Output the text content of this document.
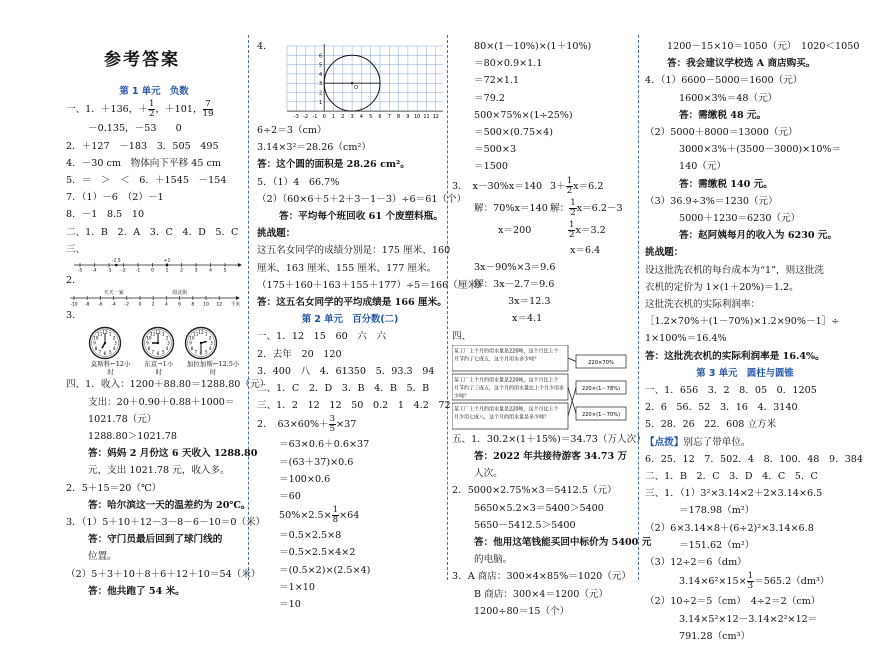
参考答案
第 1 单元　负数
一、1．＋136，＋ $\frac{1}{2}$ ，＋101， $\frac{7}{19}$
－0.135，－53　　0
2．＋127　－183　3．505　495
4．－30 cm　物体向下平移 45 cm
5．＝　＞　＜　6．＋1545　－154
7．（1）－6　（2）－1
8．－1　8.5　10
二、1．B　2．A　3．C　4．D　5．C
三、
-5 -4 -3 -2 -1 0	1	2	3	4	5
-2.5	+1
2．
-10 -8 -6 -4 -2 0 2 4 6 8 10 12
天天一家	周北街
千米
3．
1
2
3
4
5
6
7
8
9
10
11 12
莫斯科←12小时
1
2
3
4
5
6
7
8
9
10
11 12
东京→1小时
1
2
3
4
5
6
7
8
9
10
11 12
加拉加斯←12.5小时
四、1．收入：1200＋88.80＝1288.80（元）
支出：20＋0.90＋0.88＋1000＝
1021.78（元）
1288.80＞1021.78
答：妈妈 2 月份这 6 天收入 1288.80
元，支出 1021.78 元，收入多。
2．5＋15＝20（℃）
答：哈尔滨这一天的温差约为 20℃。
3．（1）5＋10＋12－3－8－6－10＝0（米）
答：守门员最后回到了球门线的
位置。
（2）5＋3＋10＋8＋6＋12＋10＝54（米）
答：他共跑了 54 米。
4．
-3 -2 -1 0 1 2 3 4 5 6 7 8 9 10 11 12
1
2
3
4
5
6
O
6÷2＝3（cm）
3.14×3²＝28.26（cm²）
答：这个圆的面积是 28.26 cm²。
5．（1）4　66.7%
（2）（60×6＋5＋2＋3－1－3）÷6＝61（个）
答：平均每个班回收 61 个废塑料瓶。
挑战题：
这五名女同学的成绩分别是：175 厘米、160
厘米、163 厘米、155 厘米、177 厘米。
（175＋160＋163＋155＋177）÷5＝166（厘米）
答：这五名女同学的平均成绩是 166 厘米。
第 2 单元　百分数(二)
一、1．12　15　60　六　六
2．去年　20　120
3．400　八　4．61350　5．93.3　94
二、1．C　2．D　3．B　4．B　5．B
三、1．2　12　12　50　0.2　1　4.2　72
2．　$63\times 60\%+ \frac{3}{5} \times 37$
＝63×0.6＋0.6×37
＝(63＋37)×0.6
＝100×0.6
＝60
$50\%\times 2.5\times \frac{1}{8} \times 64$
＝0.5×2.5×8
＝0.5×2.5×4×2
＝(0.5×2)×(2.5×4)
＝1×10
＝10
80×(1－10%)×(1＋10%)
＝80×0.9×1.1
＝72×1.1
＝79.2
500×75%×(1÷25%)
＝500×(0.75×4)
＝500×3
＝1500
3．　x－30%x＝140 $3+ \frac{1}{2} x=6.2$
解：70%x＝140 解： $\frac{1}{2} x=6.2-3$
x＝200	$\frac{1}{2} x=3.2$
x＝6.4
3x－90%×3＝9.6
解：3x－2.7＝9.6
3x＝12.3
x＝4.1
四、
某工厂上个月的用水量是220吨，这个月比上个
月节约了七成五，这个月用水多少吨？
某工厂上个月的用水量是220吨，这个月比上个
月节约了三成五，这个月的用水量比上个月少用多
少吨？
某工厂上个月的用水量是220吨，这个月比上个
月少用七成八，这个月的用水量是多少吨？
220×70%
220×(1－78%)
220×(1－70%)
五、1．30.2×(1＋15%)＝34.73（万人次）
答：2022 年共接待游客 34.73 万
人次。
2．5000×2.75%×3＝5412.5（元）
5650×5.2×3＝5400＞5400
5650－5412.5＞5400
答：他用这笔钱能买回中标价为 5400 元
的电脑。
3．A 商店：300×4×85%＝1020（元）
B 商店：300×4＝1200（元）
1200÷80＝15（个）
1200－15×10＝1050（元）　1020＜1050
答：我会建议学校选 A 商店购买。
4．（1）6600－5000＝1600（元）
1600×3%＝48（元）
答：需缴税 48 元。
（2）5000＋8000＝13000（元）
3000×3%＋(3500－3000)×10%＝
140（元）
答：需缴税 140 元。
（3）36.9÷3%＝1230（元）
5000＋1230＝6230（元）
答：赵阿姨每月的收入为 6230 元。
挑战题：
设这批洗衣机的每台成本为“1”，则这批洗
衣机的定价为 1×(1＋20%)＝1.2。
这批洗衣机的实际利润率：
［1.2×70%＋(1－70%)×1.2×90%－1］÷
1×100%＝16.4%
答：这批洗衣机的实际利润率是 16.4%。
第 3 单元　圆柱与圆锥
一、1．656　3．2　8．05　0．1205
2．6　56．52　3．16　4．3140
5．28．26　22．608 立方米
【点拨】别忘了带单位。
6．25．12　7．502．4　8．100．48　9．384
二、1．B　2．C　3．D　4．C　5．C
三、1．（1）3²×3.14×2＋2×3.14×6.5
＝178.98（m²）
（2）6×3.14×8＋(6÷2)²×3.14×6.8
＝151.62（m²）
（3）12÷2＝6（dm）
$3.14\times 6^2\times 15\times \frac{1}{3} =565.2(dm^3)$
（2）10÷2＝5（cm）　4÷2＝2（cm）
3.14×5²×12－3.14×2²×12＝
791.28（cm³）
